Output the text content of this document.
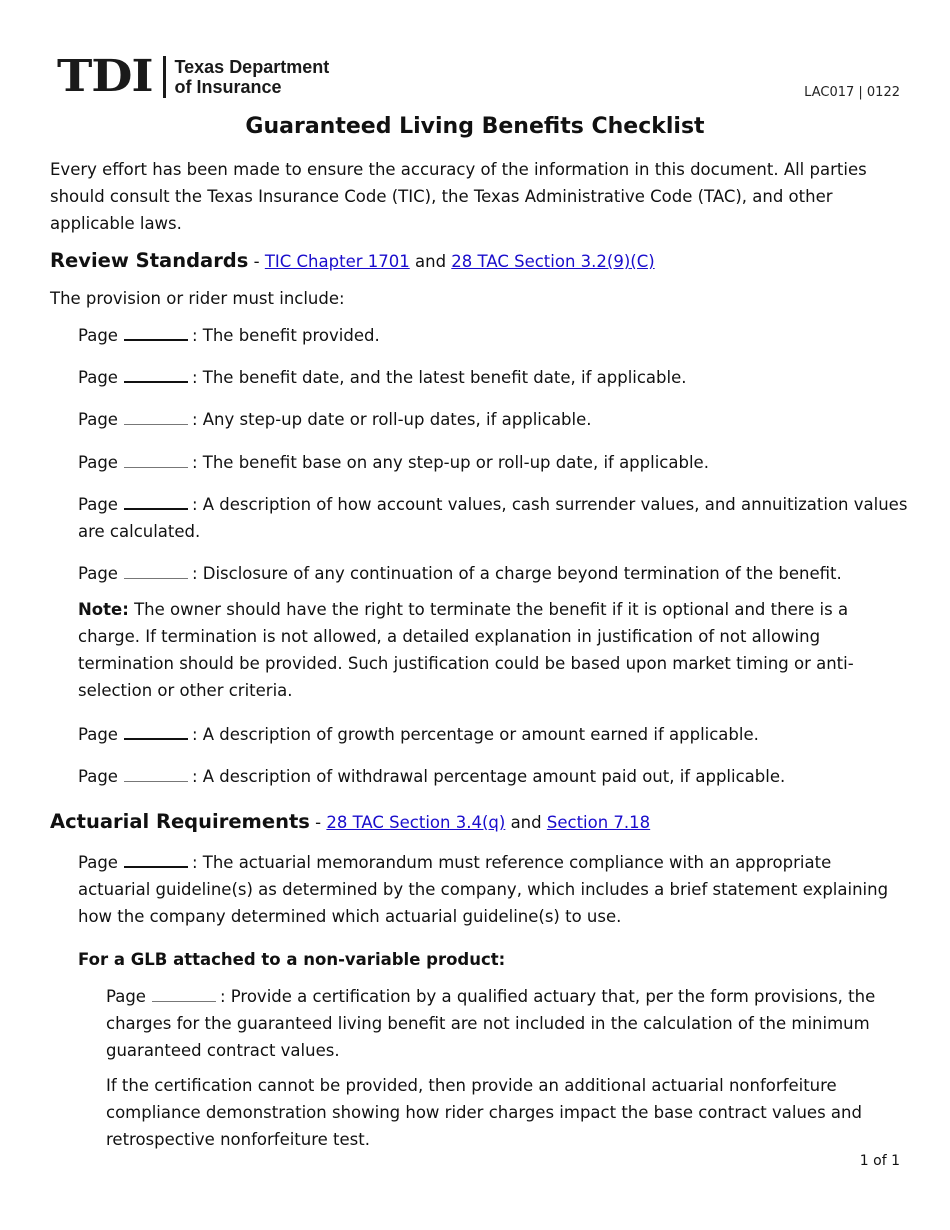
TDI Texas Department
of Insurance	LAC017 | 0122
Guaranteed Living Benefits Checklist
Every effort has been made to ensure the accuracy of the information in this document. All parties should consult the Texas Insurance Code (TIC), the Texas Administrative Code (TAC), and other applicable laws.
Review Standards - TIC Chapter 1701 and 28 TAC Section 3.2(9)(C)
The provision or rider must include:
Page	: The benefit provided.
Page	: The benefit date, and the latest benefit date, if applicable.
Page	: Any step-up date or roll-up dates, if applicable.
Page	: The benefit base on any step-up or roll-up date, if applicable.
Page	: A description of how account values, cash surrender values, and annuitization values are calculated.
Page	: Disclosure of any continuation of a charge beyond termination of the benefit.
Note: The owner should have the right to terminate the benefit if it is optional and there is a charge. If termination is not allowed, a detailed explanation in justification of not allowing termination should be provided. Such justification could be based upon market timing or anti-selection or other criteria.
Page	: A description of growth percentage or amount earned if applicable.
Page	: A description of withdrawal percentage amount paid out, if applicable.
Actuarial Requirements - 28 TAC Section 3.4(q) and Section 7.18
Page	: The actuarial memorandum must reference compliance with an appropriate actuarial guideline(s) as determined by the company, which includes a brief statement explaining how the company determined which actuarial guideline(s) to use.
For a GLB attached to a non-variable product:
Page	: Provide a certification by a qualified actuary that, per the form provisions, the charges for the guaranteed living benefit are not included in the calculation of the minimum guaranteed contract values.
If the certification cannot be provided, then provide an additional actuarial nonforfeiture compliance demonstration showing how rider charges impact the base contract values and retrospective nonforfeiture test.
1 of 1
